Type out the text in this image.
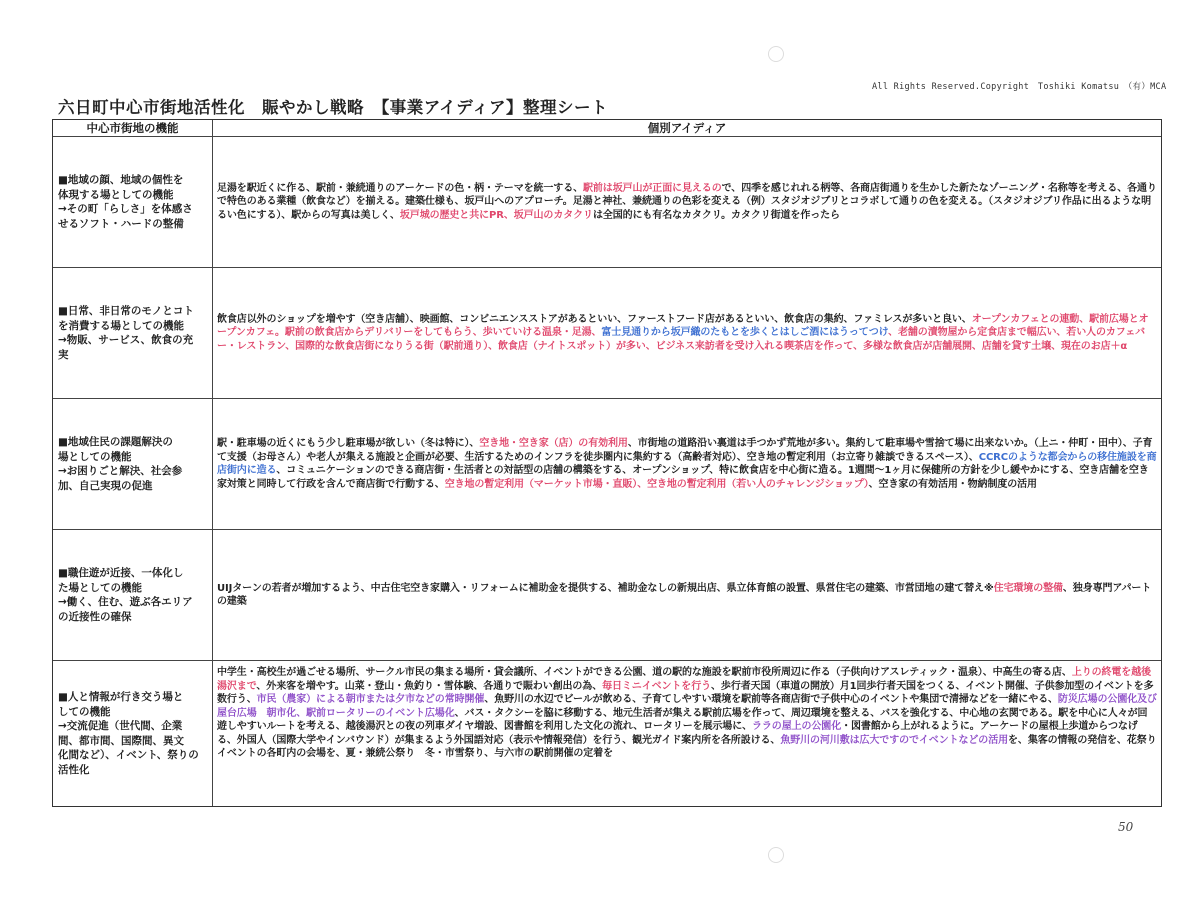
All Rights Reserved.Copyright　Toshiki Komatsu　（有）MCA
六日町中心市街地活性化　賑やかし戦略　【事業アイディア】整理シート
中心市街地の機能	個別アイディア
■地域の顔、地域の個性を
体現する場としての機能
→その町「らしさ」を体感さ
せるソフト・ハードの整備

足湯を駅近くに作る、駅前・兼続通りのアーケードの色・柄・テーマを統一する、駅前は坂戸山が正面に見えるので、四季を感じれれる柄等、各商店街通りを生かした新たなゾーニング・名称等を考える、各通りで特色のある業種（飲食など）を揃える。建築仕様も、坂戸山へのアプローチ。足湯と神社、兼続通りの色彩を変える（例）スタジオジブリとコラボして通りの色を変える。（スタジオジブリ作品に出るような明るい色にする）、駅からの写真は美しく、坂戸城の歴史と共にPR、坂戸山のカタクリは全国的にも有名なカタクリ。カタクリ街道を作ったら

■日常、非日常のモノとコト
を消費する場としての機能
→物販、サービス、飲食の充
実

飲食店以外のショップを増やす（空き店舗）、映画館、コンビニエンスストアがあるといい、ファーストフード店があるといい、飲食店の集約、ファミレスが多いと良い、オープンカフェとの連動、駅前広場とオープンカフェ。駅前の飲食店からデリバリーをしてもらう、歩いていける温泉・足湯、富士見通りから坂戸織のたもとを歩くとはしご酒にはうってつけ、老舗の漬物屋から定食店まで幅広い、若い人のカフェバー・レストラン、国際的な飲食店街になりうる街（駅前通り）、飲食店（ナイトスポット）が多い、ビジネス来訪者を受け入れる喫茶店を作って、多様な飲食店が店舗展開、店舗を貸す土壌、現在のお店＋α

■地域住民の課題解決の
場としての機能
→お困りごと解決、社会参
加、自己実現の促進

駅・駐車場の近くにもう少し駐車場が欲しい（冬は特に）、空き地・空き家（店）の有効利用、市街地の道路沿い裏道は手つかず荒地が多い。集約して駐車場や雪捨て場に出来ないか。（上ニ・仲町・田中）、子育て支援（お母さん）や老人が集える施設と企画が必要、生活するためのインフラを徒歩圏内に集約する（高齢者対応）、空き地の暫定利用（お立寄り雑談できるスペース）、CCRCのような都会からの移住施設を商店街内に造る、コミュニケーションのできる商店街・生活者との対話型の店舗の構築をする、オープンショップ、特に飲食店を中心街に造る。1週間～1ヶ月に保健所の方針を少し緩やかにする、空き店舗を空き家対策と同時して行政を含んで商店街で行動する、空き地の暫定利用（マーケット市場・直販）、空き地の暫定利用（若い人のチャレンジショップ）、空き家の有効活用・物納制度の活用

■職住遊が近接、一体化し
た場としての機能
→働く、住む、遊ぶ各エリア
の近接性の確保

UIJターンの若者が増加するよう、中古住宅空き家購入・リフォームに補助金を提供する、補助金なしの新規出店、県立体育館の設置、県営住宅の建築、市営団地の建て替え※住宅環境の整備、独身専門アパートの建築

■人と情報が行き交う場と
しての機能
→交流促進（世代間、企業
間、都市間、国際間、異文
化間など）、イベント、祭りの
活性化

中学生・高校生が過ごせる場所、サークル市民の集まる場所・貸会議所、イベントができる公園、道の駅的な施設を駅前市役所周辺に作る（子供向けアスレティック・温泉）、中高生の寄る店、上りの終電を越後湯沢まで、外来客を増やす。山菜・登山・魚釣り・雪体験、各通りで賑わい創出の為、毎日ミニイベントを行う、歩行者天国（車道の開放）月1回歩行者天国をつくる、イベント開催、子供参加型のイベントを多数行う、市民（農家）による朝市または夕市などの常時開催、魚野川の水辺でビールが飲める、子育てしやすい環境を駅前等各商店街で子供中心のイベントや集団で清掃などを一緒にやる、防災広場の公園化及び屋台広場　朝市化、駅前ロータリーのイベント広場化、バス・タクシーを脇に移動する、地元生活者が集える駅前広場を作って、周辺環境を整える、バスを強化する、中心地の玄関である。駅を中心に人々が回遊しやすいルートを考える、越後湯沢との夜の列車ダイヤ増設、図書館を利用した文化の流れ、ロータリーを展示場に、ララの屋上の公園化・図書館から上がれるように。アーケードの屋根上歩道からつなげる、外国人（国際大学やインバウンド）が集まるよう外国語対応（表示や情報発信）を行う、観光ガイド案内所を各所設ける、魚野川の河川敷は広大ですのでイベントなどの活用を、集客の情報の発信を、花祭りイベントの各町内の会場を、夏・兼続公祭り　冬・市雪祭り、与六市の駅前開催の定着を

50
